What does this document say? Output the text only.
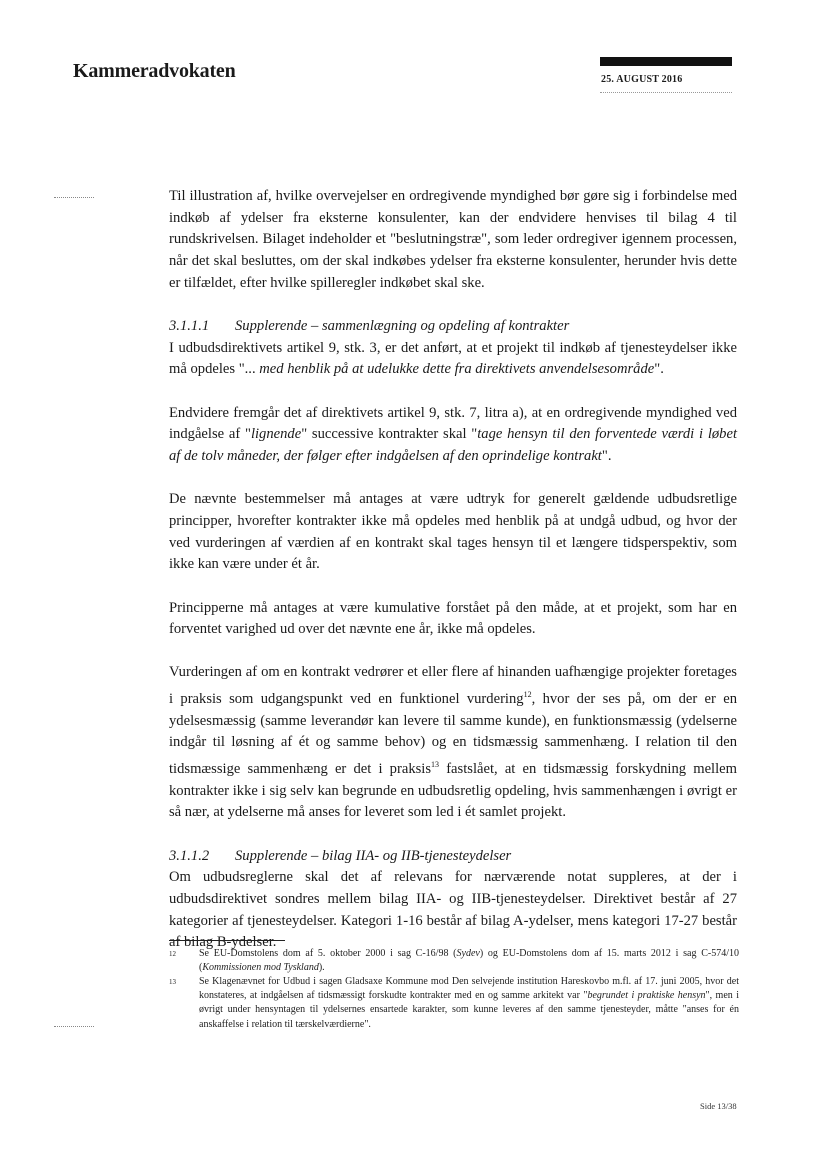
Kammeradvokaten	25. AUGUST 2016

Til illustration af, hvilke overvejelser en ordregivende myndighed bør gøre sig i forbindelse med indkøb af ydelser fra eksterne konsulenter, kan der endvidere henvises til bilag 4 til rundskrivelsen. Bilaget indeholder et "beslutningstræ", som leder ordregiver igennem processen, når det skal besluttes, om der skal indkøbes ydelser fra eksterne konsulenter, herunder hvis dette er tilfældet, efter hvilke spilleregler indkøbet skal ske.

3.1.1.1 Supplerende – sammenlægning og opdeling af kontrakter

I udbudsdirektivets artikel 9, stk. 3, er det anført, at et projekt til indkøb af tjenesteydelser ikke må opdeles "... med henblik på at udelukke dette fra direktivets anvendelsesområde".

Endvidere fremgår det af direktivets artikel 9, stk. 7, litra a), at en ordregivende myndighed ved indgåelse af "lignende" successive kontrakter skal "tage hensyn til den forventede værdi i løbet af de tolv måneder, der følger efter indgåelsen af den oprindelige kontrakt".

De nævnte bestemmelser må antages at være udtryk for generelt gældende udbudsretlige principper, hvorefter kontrakter ikke må opdeles med henblik på at undgå udbud, og hvor der ved vurderingen af værdien af en kontrakt skal tages hensyn til et længere tidsperspektiv, som ikke kan være under ét år.

Principperne må antages at være kumulative forstået på den måde, at et projekt, som har en forventet varighed ud over det nævnte ene år, ikke må opdeles.

Vurderingen af om en kontrakt vedrører et eller flere af hinanden uafhængige projekter foretages i praksis som udgangspunkt ved en funktionel vurdering$^{12}$, hvor der ses på, om der er en ydelsesmæssig (samme leverandør kan levere til samme kunde), en funktionsmæssig (ydelserne indgår til løsning af ét og samme behov) og en tidsmæssig sammenhæng. I relation til den tidsmæssige sammenhæng er det i praksis$^{13}$ fastslået, at en tidsmæssig forskydning mellem kontrakter ikke i sig selv kan begrunde en udbudsretlig opdeling, hvis sammenhængen i øvrigt er så nær, at ydelserne må anses for leveret som led i ét samlet projekt.

3.1.1.2 Supplerende – bilag IIA- og IIB-tjenesteydelser

Om udbudsreglerne skal det af relevans for nærværende notat suppleres, at der i udbudsdirektivet sondres mellem bilag IIA- og IIB-tjenesteydelser. Direktivet består af 27 kategorier af tjenesteydelser. Kategori 1-16 består af bilag A-ydelser, mens kategori 17-27 består af bilag B-ydelser.

12 Se EU-Domstolens dom af 5. oktober 2000 i sag C-16/98 (Sydev) og EU-Domstolens dom af 15. marts 2012 i sag C-574/10 (Kommissionen mod Tyskland).
13 Se Klagenævnet for Udbud i sagen Gladsaxe Kommune mod Den selvejende institution Hareskovbo m.fl. af 17. juni 2005, hvor det konstateres, at indgåelsen af tidsmæssigt forskudte kontrakter med en og samme arkitekt var "begrundet i praktiske hensyn", men i øvrigt under hensyntagen til ydelsernes ensartede karakter, som kunne leveres af den samme tjenesteyder, måtte "anses for én anskaffelse i relation til tærskelværdierne".
Side 13/38
